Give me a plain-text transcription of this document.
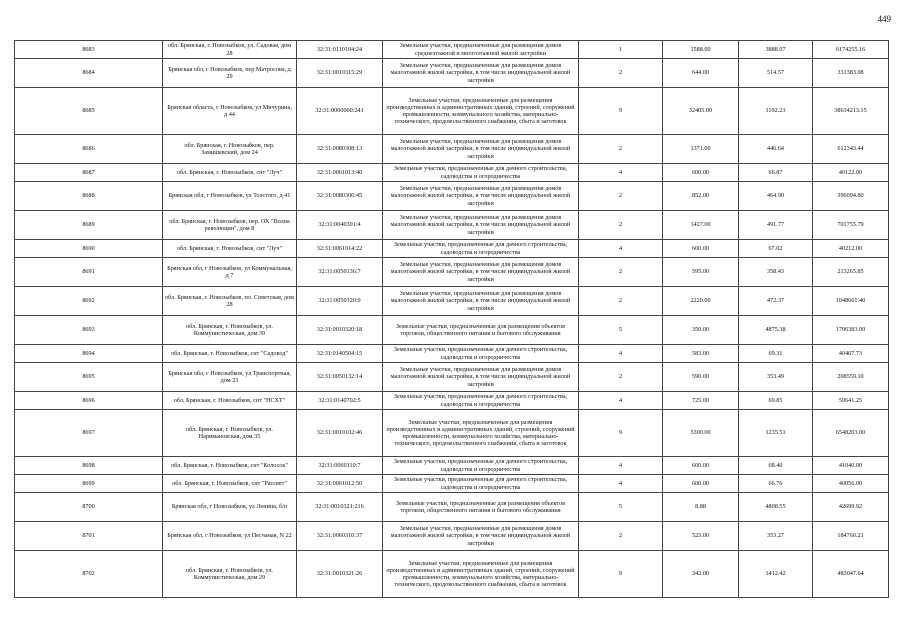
449
8683	обл. Брянская, г. Новозыбков, ул. Садовая, дом 28	32:31:0110104:24	Земельные участки, предназначенные для размещения домов среднеэтажной и многоэтажной жилой застройки	1	1588.00	3888.07	6174255.16
8684	Брянская обл, г Новозыбков, пер Матросова, д 29	32:31:0010315:29	Земельные участки, предназначенные для размещения домов малоэтажной жилой застройки, в том числе индивидуальной жилой застройки	2	644.00	514.57	331383.08
8685	Брянская область, г Новозыбков, ул Мичурина, д 44	32:31:0000000:241	Земельные участки, предназначенные для размещения производственных и административных зданий, строений, сооружений промышленности, коммунального хозяйства, материально-технического, продовольственного снабжения, сбыта и заготовок	9	32405.00	1192.23	38634213.15
8686	обл. Брянская, г. Новозыбков, пер. Замишевский, дом 24	32:31:0080308:13	Земельные участки, предназначенные для размещения домов малоэтажной жилой застройки, в том числе индивидуальной жилой застройки	2	1371.00	446.64	612343.44
8687	обл. Брянская, г. Новозыбков, снт "Луч"	32:31:0061013:40	Земельные участки, предназначенные для дачного строительства, садоводства и огородничества	4	600.00	66.87	40122.00
8688	Брянская обл, г Новозыбков, ул Толстого, д 41	32:31:0080306:45	Земельные участки, предназначенные для размещения домов малоэтажной жилой застройки, в том числе индивидуальной жилой застройки	2	852.00	464.90	396094.80
8689	обл. Брянская, г. Новозыбков, пер. ОХ "Волна революции", дом 8	32:31:0040301:4	Земельные участки, предназначенные для размещения домов малоэтажной жилой застройки, в том числе индивидуальной жилой застройки	2	1427.00	491.77	701755.79
8690	обл. Брянская, г. Новозыбков, снт "Луч"	32:31:0061014:22	Земельные участки, предназначенные для дачного строительства, садоводства и огородничества	4	600.00	67.02	40212.00
8691	Брянская обл, г Новозыбков, ул Коммунальная, д 7	32:31:0050136:7	Земельные участки, предназначенные для размещения домов малоэтажной жилой застройки, в том числе индивидуальной жилой застройки	2	595.00	358.43	213265.85
8692	обл. Брянская, г. Новозыбков, пл. Советская, дом 28	32:31:0050320:9	Земельные участки, предназначенные для размещения домов малоэтажной жилой застройки, в том числе индивидуальной жилой застройки	2	2220.00	472.37	1048661.40
8693	обл. Брянская, г. Новозыбков, ул. Коммунистическая, дом 39	32:31:0010320:18	Земельные участки, предназначенные для размещения объектов торговли, общественного питания и бытового обслуживания	5	350.00	4875.38	1706383.00
8694	обл. Брянская, г. Новозыбков, снт "Садовод"	32:31:0140504:15	Земельные участки, предназначенные для дачного строительства, садоводства и огородничества	4	583.00	69.31	40407.73
8695	Брянская обл, г Новозыбков, ул Транспортная, дом 23	32:31:0050132:14	Земельные участки, предназначенные для размещения домов малоэтажной жилой застройки, в том числе индивидуальной жилой застройки	2	590.00	353.49	208559.10
8696	обл. Брянская, г. Новозыбков, снт "НСХТ"	32:31:0140702:5	Земельные участки, предназначенные для дачного строительства, садоводства и огородничества	4	725.00	69.85	50641.25
8697	обл. Брянская, г. Новозыбков, ул. Наримановская, дом 35	32:31:0010102:46	Земельные участки, предназначенные для размещения производственных и административных зданий, строений, сооружений промышленности, коммунального хозяйства, материально-технического, продовольственного снабжения, сбыта и заготовок	9	5300.00	1235.51	6548203.00
8698	обл. Брянская, г. Новозыбков, снт "Колосок"	32:31:0060110:7	Земельные участки, предназначенные для дачного строительства, садоводства и огородничества	4	600.00	68.40	41040.00
8699	обл. Брянская, г. Новозыбков, снт "Рассвет"	32:31:0061012:50	Земельные участки, предназначенные для дачного строительства, садоводства и огородничества	4	600.00	66.76	40056.00
8700	Брянская обл, г Новозыбков, ул Ленина, б/н	32:31:0010321:216	Земельные участки, предназначенные для размещения объектов торговли, общественного питания и бытового обслуживания	5	8.88	4808.55	42699.92
8701	Брянская обл, г Новозыбков, ул Песчаная, N 22	32:31:0060310:37	Земельные участки, предназначенные для размещения домов малоэтажной жилой застройки, в том числе индивидуальной жилой застройки	2	523.00	353.27	184760.21
8702	обл. Брянская, г. Новозыбков, ул. Коммунистическая, дом 29	32:31:0010321:26	Земельные участки, предназначенные для размещения производственных и административных зданий, строений, сооружений промышленности, коммунального хозяйства, материально-технического, продовольственного снабжения, сбыта и заготовок	9	342.00	1412.42	483047.64
